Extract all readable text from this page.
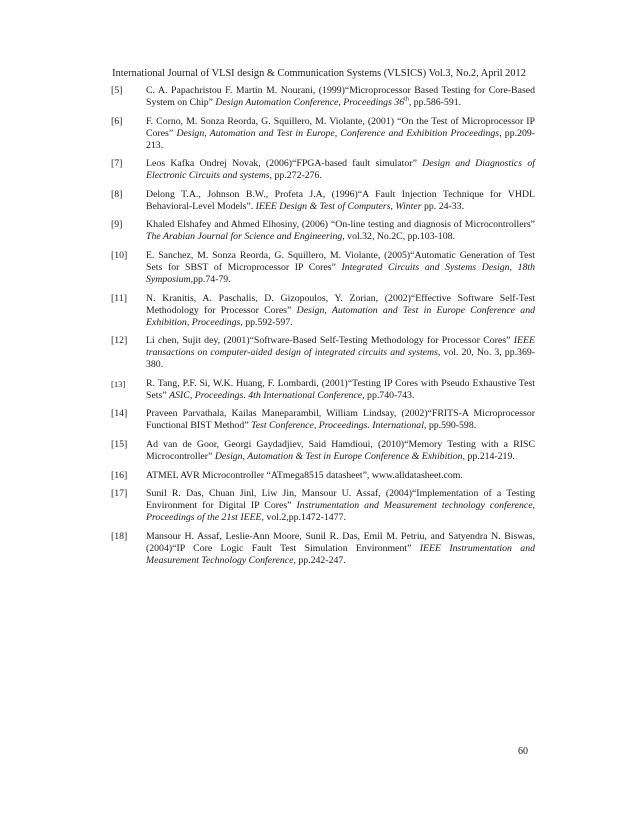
International Journal of VLSI design & Communication Systems (VLSICS) Vol.3, No.2, April 2012
[5]	C. A. Papachristou F. Martin M. Nourani, (1999)“Microprocessor Based Testing for Core-Based System on Chip” Design Automation Conference, Proceedings 36th, pp.586-591.
[6]	F. Corno, M. Sonza Reorda, G. Squillero, M. Violante, (2001) “On the Test of Microprocessor IP Cores” Design, Automation and Test in Europe, Conference and Exhibition Proceedings, pp.209-213.
[7]	Leos Kafka Ondrej Novak, (2006)“FPGA-based fault simulator” Design and Diagnostics of Electronic Circuits and systems, pp.272-276.
[8]	Delong T.A., Johnson B.W., Profeta J.A, (1996)“A Fault Injection Technique for VHDL Behavioral-Level Models”. IEEE Design & Test of Computers, Winter pp. 24-33.
[9]	Khaled Elshafey and Ahmed Elhosiny, (2006) “On-line testing and diagnosis of Microcontrollers” The Arabian Journal for Science and Engineering, vol.32, No.2C, pp.103-108.
[10]	E. Sanchez, M. Sonza Reorda, G. Squillero, M. Violante, (2005)“Automatic Generation of Test Sets for SBST of Microprocessor IP Cores” Integrated Circuits and Systems Design, 18th Symposium,pp.74-79.
[11]	N. Kranitis, A. Paschalis, D. Gizopoulos, Y. Zorian, (2002)“Effective Software Self-Test Methodology for Processor Cores” Design, Automation and Test in Europe Conference and Exhibition, Proceedings, pp.592-597.
[12]	Li chen, Sujit dey, (2001)“Software-Based Self-Testing Methodology for Processor Cores” IEEE transactions on computer-aided design of integrated circuits and systems, vol. 20, No. 3, pp.369-380.
[13]	R. Tang, P.F. Si, W.K. Huang, F. Lombardi, (2001)“Testing IP Cores with Pseudo Exhaustive Test Sets” ASIC, Proceedings. 4th International Conference, pp.740-743.
[14]	Praveen Parvathala, Kailas Maneparambil, William Lindsay, (2002)“FRITS-A Microprocessor Functional BIST Method” Test Conference, Proceedings. International, pp.590-598.
[15]	Ad van de Goor, Georgi Gaydadjiev, Said Hamdioui, (2010)“Memory Testing with a RISC Microcontroller” Design, Automation & Test in Europe Conference & Exhibition, pp.214-219.
[16]	ATMEL AVR Microcontroller “ATmega8515 datasheet”, www.alldatasheet.com.
[17]	Sunil R. Das, Chuan Jinl, Liw Jin, Mansour U. Assaf, (2004)“Implementation of a Testing Environment for Digital IP Cores” Instrumentation and Measurement technology conference, Proceedings of the 21st IEEE, vol.2,pp.1472-1477.
[18]	Mansour H. Assaf, Leslie-Ann Moore, Sunil R. Das, Emil M. Petriu, and Satyendra N. Biswas, (2004)“IP Core Logic Fault Test Simulation Environment” IEEE Instrumentation and Measurement Technology Conference, pp.242-247.
60
